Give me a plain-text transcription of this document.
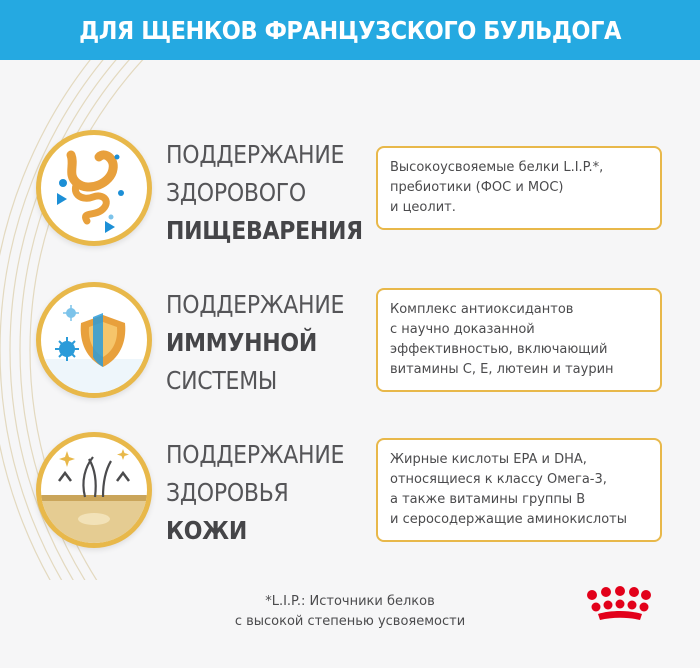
ДЛЯ ЩЕНКОВ ФРАНЦУЗСКОГО БУЛЬДОГА
ПОДДЕРЖАНИЕ
ЗДОРОВОГО
ПИЩЕВАРЕНИЯ
Высокоусвояемые белки L.I.P.*,
пребиотики (ФОС и МОС)
и цеолит.
ПОДДЕРЖАНИЕ
ИММУННОЙ
СИСТЕМЫ
Комплекс антиоксидантов
с научно доказанной
эффективностью, включающий
витамины С, Е, лютеин и таурин
ПОДДЕРЖАНИЕ
ЗДОРОВЬЯ
КОЖИ
Жирные кислоты EPA и DHA,
относящиеся к классу Омега-3,
а также витамины группы В
и серосодержащие аминокислоты
*L.I.P.: Источники белков
с высокой степенью усвояемости
